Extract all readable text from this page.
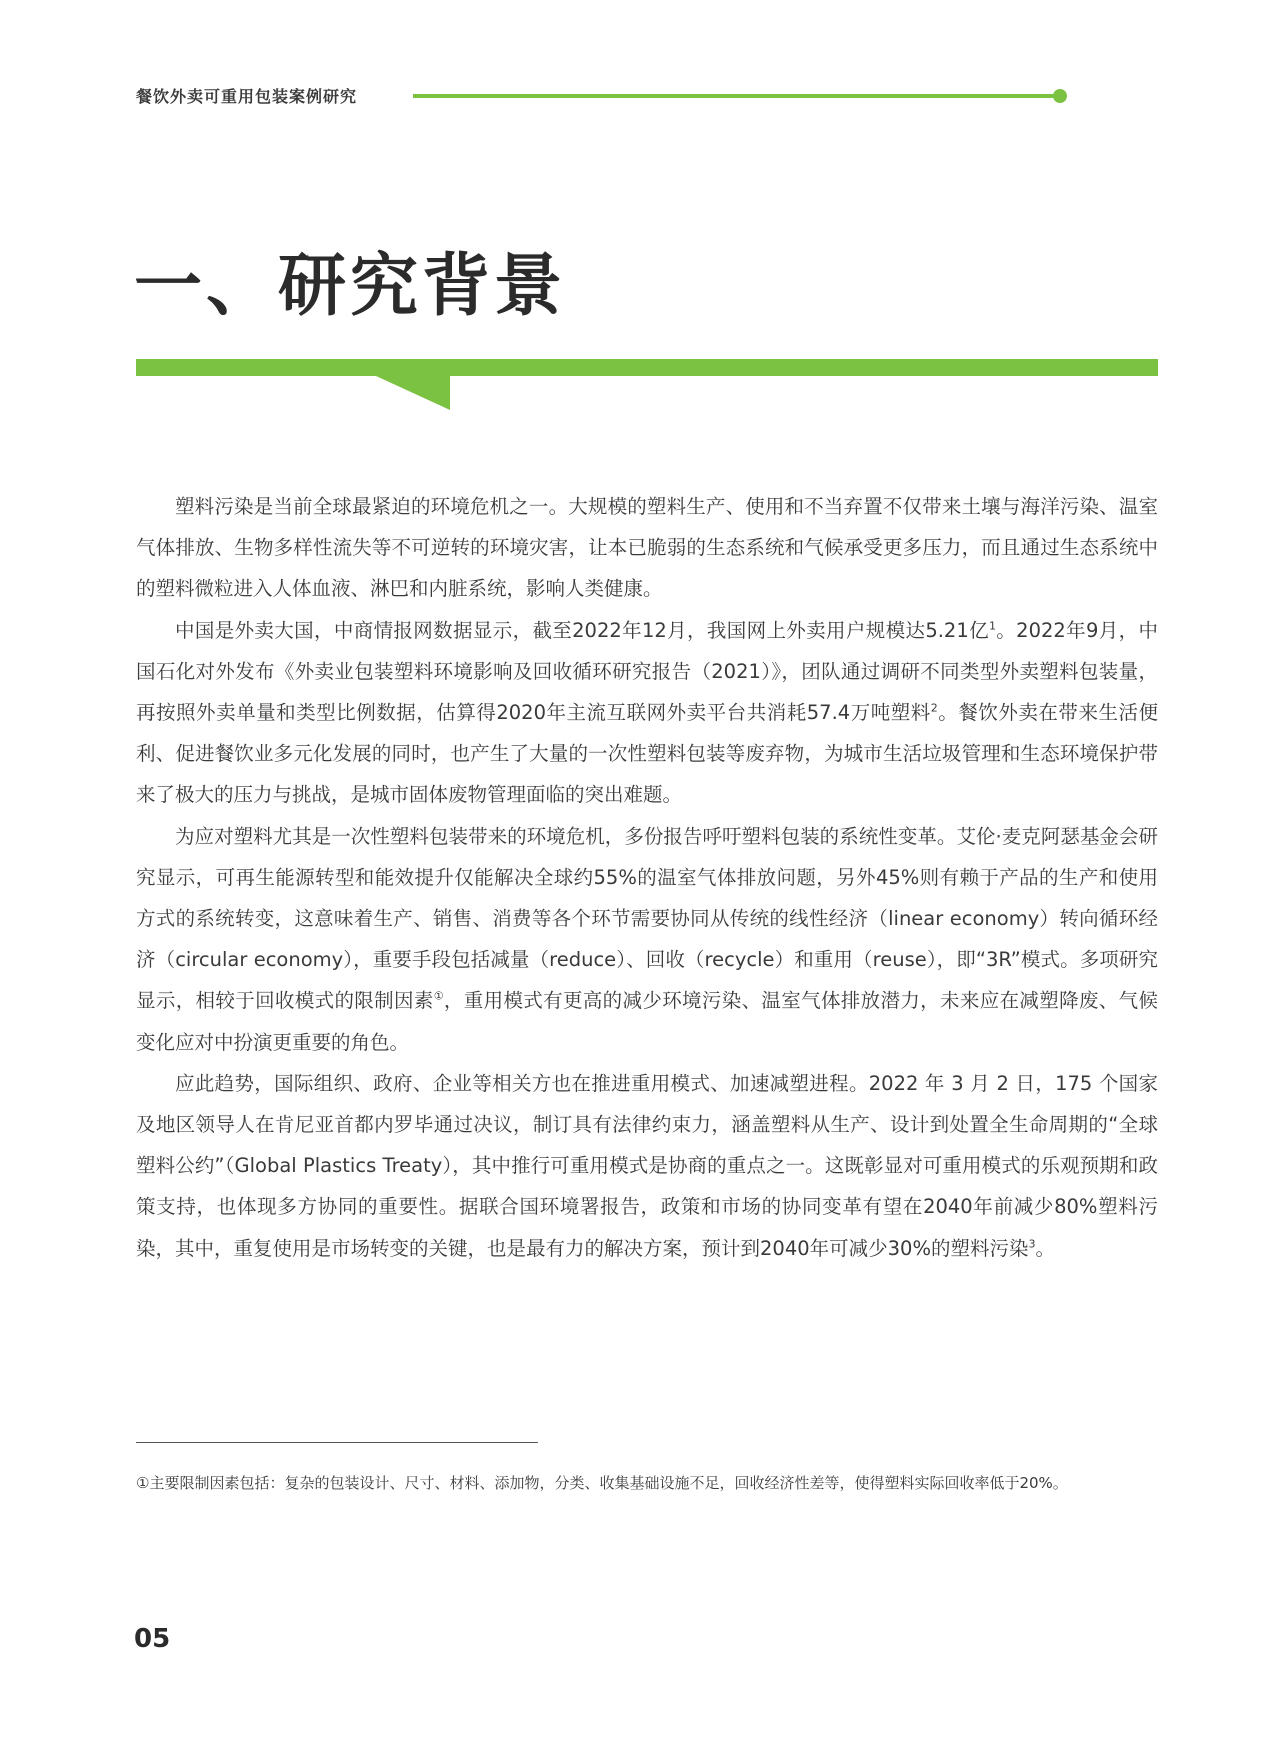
餐饮外卖可重用包装案例研究
一、研究背景

塑料污染是当前全球最紧迫的环境危机之一。大规模的塑料生产、使用和不当弃置不仅带来土壤与海洋污染、温室气体排放、生物多样性流失等不可逆转的环境灾害，让本已脆弱的生态系统和气候承受更多压力，而且通过生态系统中的塑料微粒进入人体血液、淋巴和内脏系统，影响人类健康。

中国是外卖大国，中商情报网数据显示，截至2022年12月，我国网上外卖用户规模达5.21亿$^1$。2022年9月，中国石化对外发布《外卖业包装塑料环境影响及回收循环研究报告（2021）》，团队通过调研不同类型外卖塑料包装量，再按照外卖单量和类型比例数据，估算得2020年主流互联网外卖平台共消耗57.4万吨塑料$^2$。餐饮外卖在带来生活便利、促进餐饮业多元化发展的同时，也产生了大量的一次性塑料包装等废弃物，为城市生活垃圾管理和生态环境保护带来了极大的压力与挑战，是城市固体废物管理面临的突出难题。

为应对塑料尤其是一次性塑料包装带来的环境危机，多份报告呼吁塑料包装的系统性变革。艾伦·麦克阿瑟基金会研究显示，可再生能源转型和能效提升仅能解决全球约55%的温室气体排放问题，另外45%则有赖于产品的生产和使用方式的系统转变，这意味着生产、销售、消费等各个环节需要协同从传统的线性经济（linear economy）转向循环经济（circular economy），重要手段包括减量（reduce）、回收（recycle）和重用（reuse），即“3R”模式。多项研究显示，相较于回收模式的限制因素①，重用模式有更高的减少环境污染、温室气体排放潜力，未来应在减塑降废、气候变化应对中扮演更重要的角色。

应此趋势，国际组织、政府、企业等相关方也在推进重用模式、加速减塑进程。2022 年 3 月 2 日，175 个国家及地区领导人在肯尼亚首都内罗毕通过决议，制订具有法律约束力，涵盖塑料从生产、设计到处置全生命周期的“全球塑料公约”（Global Plastics Treaty），其中推行可重用模式是协商的重点之一。这既彰显对可重用模式的乐观预期和政策支持，也体现多方协同的重要性。据联合国环境署报告，政策和市场的协同变革有望在2040年前减少80%塑料污染，其中，重复使用是市场转变的关键，也是最有力的解决方案，预计到2040年可减少30%的塑料污染$^3$。

①主要限制因素包括：复杂的包装设计、尺寸、材料、添加物，分类、收集基础设施不足，回收经济性差等，使得塑料实际回收率低于20%。

05
